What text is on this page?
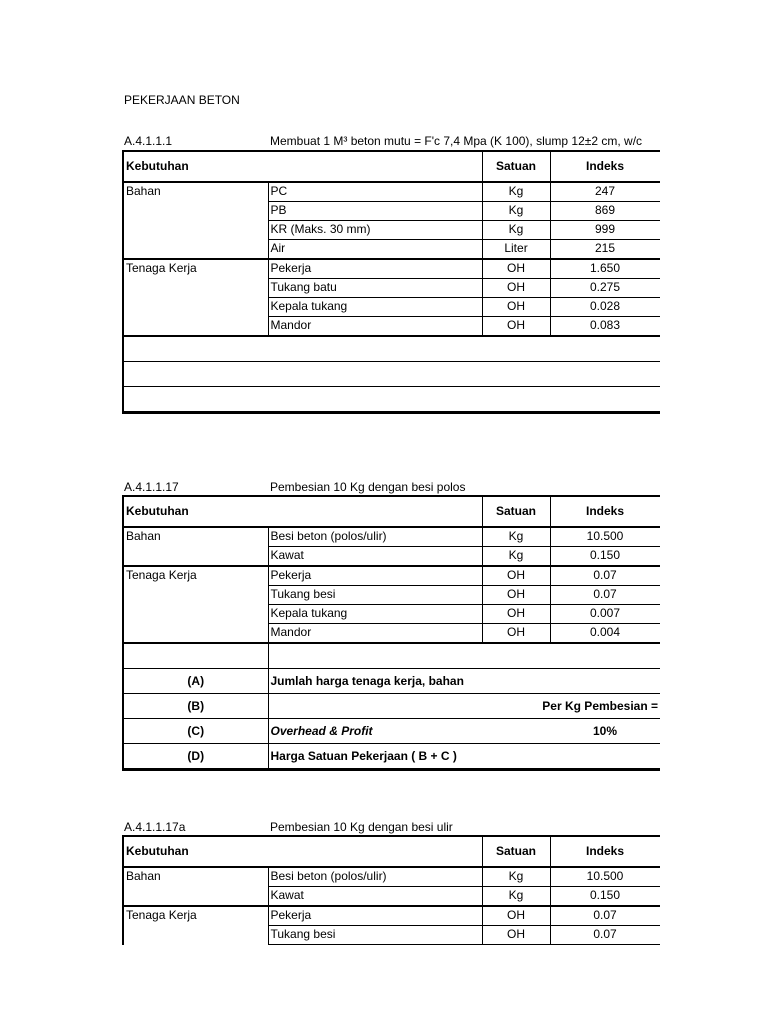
PEKERJAAN BETON
A.4.1.1.1	Membuat 1 M³ beton mutu = F'c 7,4 Mpa (K 100), slump 12±2 cm, w/c
Kebutuhan		Satuan	Indeks	
Bahan	PC	Kg	247	
	PB	Kg	869	
	KR (Maks. 30 mm)	Kg	999	
	Air	Liter	215	
Tenaga Kerja	Pekerja	OH	1.650	
	Tukang batu	OH	0.275	
	Kepala tukang	OH	0.028	
	Mandor	OH	0.083	

A.4.1.1.17	Pembesian 10 Kg dengan besi polos
Kebutuhan		Satuan	Indeks	
Bahan	Besi beton (polos/ulir)	Kg	10.500	
	Kawat	Kg	0.150	
Tenaga Kerja	Pekerja	OH	0.07	
	Tukang besi	OH	0.07	
	Kepala tukang	OH	0.007	
	Mandor	OH	0.004	

(A)	Jumlah harga tenaga kerja, bahan			
(B)	Per Kg Pembesian =			
(C)	Overhead & Profit		10%	
(D)	Harga Satuan Pekerjaan ( B + C )			
A.4.1.1.17a	Pembesian 10 Kg dengan besi ulir
Kebutuhan		Satuan	Indeks	
Bahan	Besi beton (polos/ulir)	Kg	10.500	
	Kawat	Kg	0.150	
Tenaga Kerja	Pekerja	OH	0.07	
	Tukang besi	OH	0.07	
